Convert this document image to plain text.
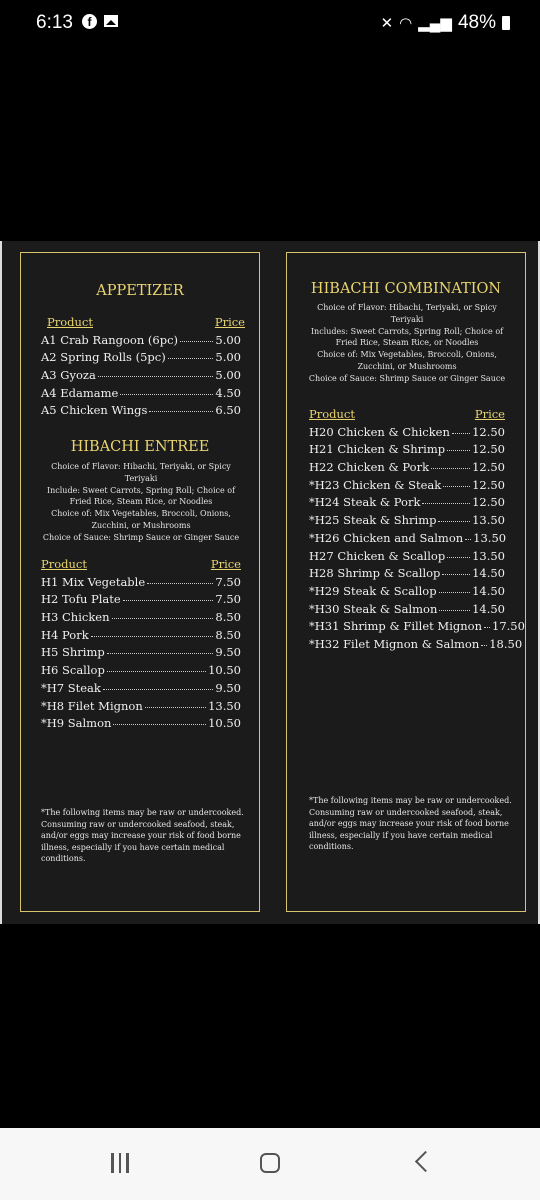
6:13	f	✕ ◠ ▂▄▆ 48%
APPETIZER
Product	Price
A1 Crab Rangoon (6pc)	5.00
A2 Spring Rolls (5pc)	5.00
A3 Gyoza	5.00
A4 Edamame	4.50
A5 Chicken Wings	6.50
HIBACHI ENTREE
Choice of Flavor: Hibachi, Teriyaki, or Spicy
Teriyaki
Include: Sweet Carrots, Spring Roll; Choice of
Fried Rice, Steam Rice, or Noodles
Choice of: Mix Vegetables, Broccoli, Onions,
Zucchini, or Mushrooms
Choice of Sauce: Shrimp Sauce or Ginger Sauce
Product	Price
H1 Mix Vegetable	7.50
H2 Tofu Plate	7.50
H3 Chicken	8.50
H4 Pork	8.50
H5 Shrimp	9.50
H6 Scallop	10.50
*H7 Steak	9.50
*H8 Filet Mignon	13.50
*H9 Salmon	10.50
*The following items may be raw or undercooked.
Consuming raw or undercooked seafood, steak,
and/or eggs may increase your risk of food borne
illness, especially if you have certain medical
conditions.
HIBACHI COMBINATION
Choice of Flavor: Hibachi, Teriyaki, or Spicy
Teriyaki
Includes: Sweet Carrots, Spring Roll; Choice of
Fried Rice, Steam Rice, or Noodles
Choice of: Mix Vegetables, Broccoli, Onions,
Zucchini, or Mushrooms
Choice of Sauce: Shrimp Sauce or Ginger Sauce
Product	Price
H20 Chicken & Chicken 12.50
H21 Chicken & Shrimp 12.50
H22 Chicken & Pork	12.50
*H23 Chicken & Steak	12.50
*H24 Steak & Pork	12.50
*H25 Steak & Shrimp	13.50
*H26 Chicken and Salmon 13.50
H27 Chicken & Scallop 13.50
H28 Shrimp & Scallop	14.50
*H29 Steak & Scallop	14.50
*H30 Steak & Salmon	14.50
*H31 Shrimp & Fillet Mignon 17.50
*H32 Filet Mignon & Salmon 18.50
*The following items may be raw or undercooked.
Consuming raw or undercooked seafood, steak,
and/or eggs may increase your risk of food borne
illness, especially if you have certain medical
conditions.
